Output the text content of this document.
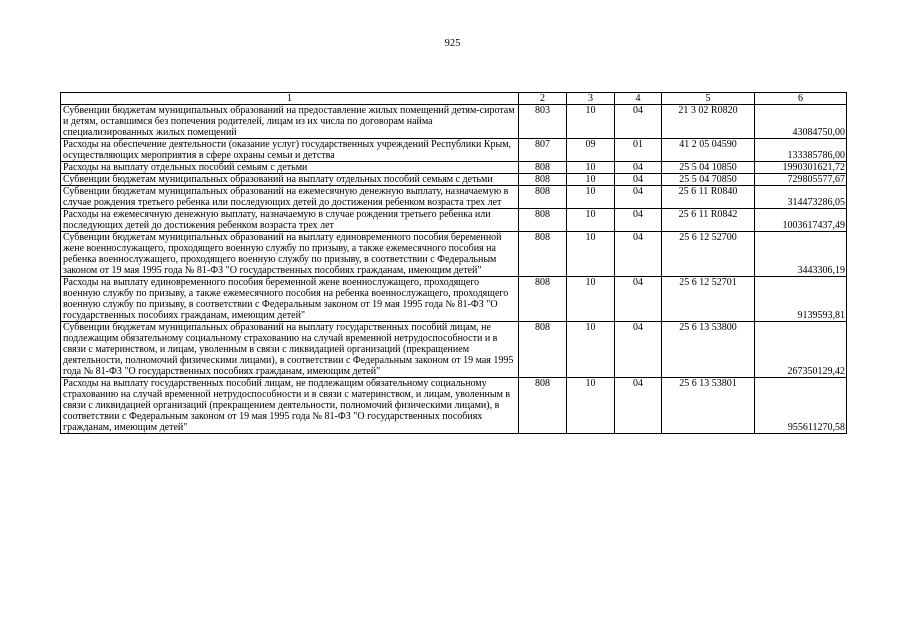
925
1	2	3	4	5	6
Субвенции бюджетам муниципальных образований на предоставление жилых помещений детям-сиротам и детям, оставшимся без попечения родителей, лицам из их числа по договорам найма специализированных жилых помещений	803	10	04	21 3 02 R0820	43084750,00
Расходы на обеспечение деятельности (оказание услуг) государственных учреждений Республики Крым, осуществляющих мероприятия в сфере охраны семьи и детства	807	09	01	41 2 05 04590	133385786,00
Расходы на выплату отдельных пособий семьям с детьми	808	10	04	25 5 04 10850	1990301621,72
Субвенции бюджетам муниципальных образований на выплату отдельных пособий семьям с детьми	808	10	04	25 5 04 70850	729805577,67
Субвенции бюджетам муниципальных образований на ежемесячную денежную выплату, назначаемую в случае рождения третьего ребенка или последующих детей до достижения ребенком возраста трех лет	808	10	04	25 6 11 R0840	314473286,05
Расходы на ежемесячную денежную выплату, назначаемую в случае рождения третьего ребенка или последующих детей до достижения ребенком возраста трех лет	808	10	04	25 6 11 R0842	1003617437,49
Субвенции бюджетам муниципальных образований на выплату единовременного пособия беременной жене военнослужащего, проходящего военную службу по призыву, а также ежемесячного пособия на ребенка военнослужащего, проходящего военную службу по призыву, в соответствии с Федеральным законом от 19 мая 1995 года № 81-ФЗ "О государственных пособиях гражданам, имеющим детей"	808	10	04	25 6 12 52700	3443306,19
Расходы на выплату единовременного пособия беременной жене военнослужащего, проходящего военную службу по призыву, а также ежемесячного пособия на ребенка военнослужащего, проходящего военную службу по призыву, в соответствии с Федеральным законом от 19 мая 1995 года № 81-ФЗ "О государственных пособиях гражданам, имеющим детей"	808	10	04	25 6 12 52701	9139593,81
Субвенции бюджетам муниципальных образований на выплату государственных пособий лицам, не подлежащим обязательному социальному страхованию на случай временной нетрудоспособности и в связи с материнством, и лицам, уволенным в связи с ликвидацией организаций (прекращением деятельности, полномочий физическими лицами), в соответствии с Федеральным законом от 19 мая 1995 года № 81-ФЗ "О государственных пособиях гражданам, имеющим детей"	808	10	04	25 6 13 53800	267350129,42
Расходы на выплату государственных пособий лицам, не подлежащим обязательному социальному страхованию на случай временной нетрудоспособности и в связи с материнством, и лицам, уволенным в связи с ликвидацией организаций (прекращением деятельности, полномочий физическими лицами), в соответствии с Федеральным законом от 19 мая 1995 года № 81-ФЗ "О государственных пособиях гражданам, имеющим детей"	808	10	04	25 6 13 53801	955611270,58
